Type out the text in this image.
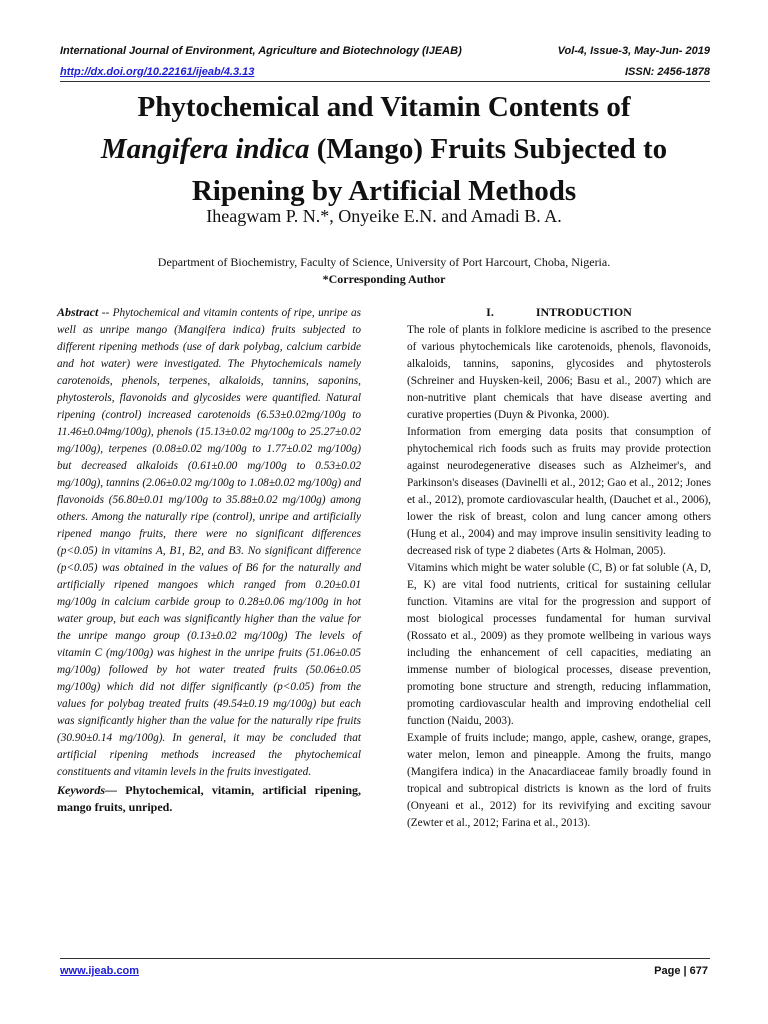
International Journal of Environment, Agriculture and Biotechnology (IJEAB)	Vol-4, Issue-3, May-Jun- 2019
http://dx.doi.org/10.22161/ijeab/4.3.13	ISSN: 2456-1878
Phytochemical and Vitamin Contents of
Mangifera indica (Mango) Fruits Subjected to
Ripening by Artificial Methods
Iheagwam P. N.*, Onyeike E.N. and Amadi B. A.
Department of Biochemistry, Faculty of Science, University of Port Harcourt, Choba, Nigeria.
*Corresponding Author

Abstract -- Phytochemical and vitamin contents of ripe, unripe as well as unripe mango (Mangifera indica) fruits subjected to different ripening methods (use of dark polybag, calcium carbide and hot water) were investigated. The Phytochemicals namely carotenoids, phenols, terpenes, alkaloids, tannins, saponins, phytosterols, flavonoids and glycosides were quantified. Natural ripening (control) increased carotenoids (6.53±0.02mg/100g to 11.46±0.04mg/100g), phenols (15.13±0.02 mg/100g to 25.27±0.02 mg/100g), terpenes (0.08±0.02 mg/100g to 1.77±0.02 mg/100g) but decreased alkaloids (0.61±0.00 mg/100g to 0.53±0.02 mg/100g), tannins (2.06±0.02 mg/100g to 1.08±0.02 mg/100g) and flavonoids (56.80±0.01 mg/100g to 35.88±0.02 mg/100g) among others. Among the naturally ripe (control), unripe and artificially ripened mango fruits, there were no significant differences (p<0.05) in vitamins A, B1, B2, and B3. No significant difference (p<0.05) was obtained in the values of B6 for the naturally and artificially ripened mangoes which ranged from 0.20±0.01 mg/100g in calcium carbide group to 0.28±0.06 mg/100g in hot water group, but each was significantly higher than the value for the unripe mango group (0.13±0.02 mg/100g) The levels of vitamin C (mg/100g) was highest in the unripe fruits (51.06±0.05 mg/100g) followed by hot water treated fruits (50.06±0.05 mg/100g) which did not differ significantly (p<0.05) from the values for polybag treated fruits (49.54±0.19 mg/100g) but each was significantly higher than the value for the naturally ripe fruits (30.90±0.14 mg/100g). In general, it may be concluded that artificial ripening methods increased the phytochemical constituents and vitamin levels in the fruits investigated.

Keywords— Phytochemical, vitamin, artificial ripening, mango fruits, unriped.

I.	INTRODUCTION

The role of plants in folklore medicine is ascribed to the presence of various phytochemicals like carotenoids, phenols, flavonoids, alkaloids, tannins, saponins, glycosides and phytosterols (Schreiner and Huysken-keil, 2006; Basu et al., 2007) which are non-nutritive plant chemicals that have disease averting and curative properties (Duyn & Pivonka, 2000).

Information from emerging data posits that consumption of phytochemical rich foods such as fruits may provide protection against neurodegenerative diseases such as Alzheimer's, and Parkinson's diseases (Davinelli et al., 2012; Gao et al., 2012; Jones et al., 2012), promote cardiovascular health, (Dauchet et al., 2006), lower the risk of breast, colon and lung cancer among others (Hung et al., 2004) and may improve insulin sensitivity leading to decreased risk of type 2 diabetes (Arts & Holman, 2005).

Vitamins which might be water soluble (C, B) or fat soluble (A, D, E, K) are vital food nutrients, critical for sustaining cellular function. Vitamins are vital for the progression and support of most biological processes fundamental for human survival (Rossato et al., 2009) as they promote wellbeing in various ways including the enhancement of cell capacities, mediating an immense number of biological processes, disease prevention, promoting bone structure and strength, reducing inflammation, promoting cardiovascular health and improving endothelial cell function (Naidu, 2003).

Example of fruits include; mango, apple, cashew, orange, grapes, water melon, lemon and pineapple. Among the fruits, mango (Mangifera indica) in the Anacardiaceae family broadly found in tropical and subtropical districts is known as the lord of fruits (Onyeani et al., 2012) for its revivifying and exciting savour (Zewter et al., 2012; Farina et al., 2013).

www.ijeab.com	Page | 677
